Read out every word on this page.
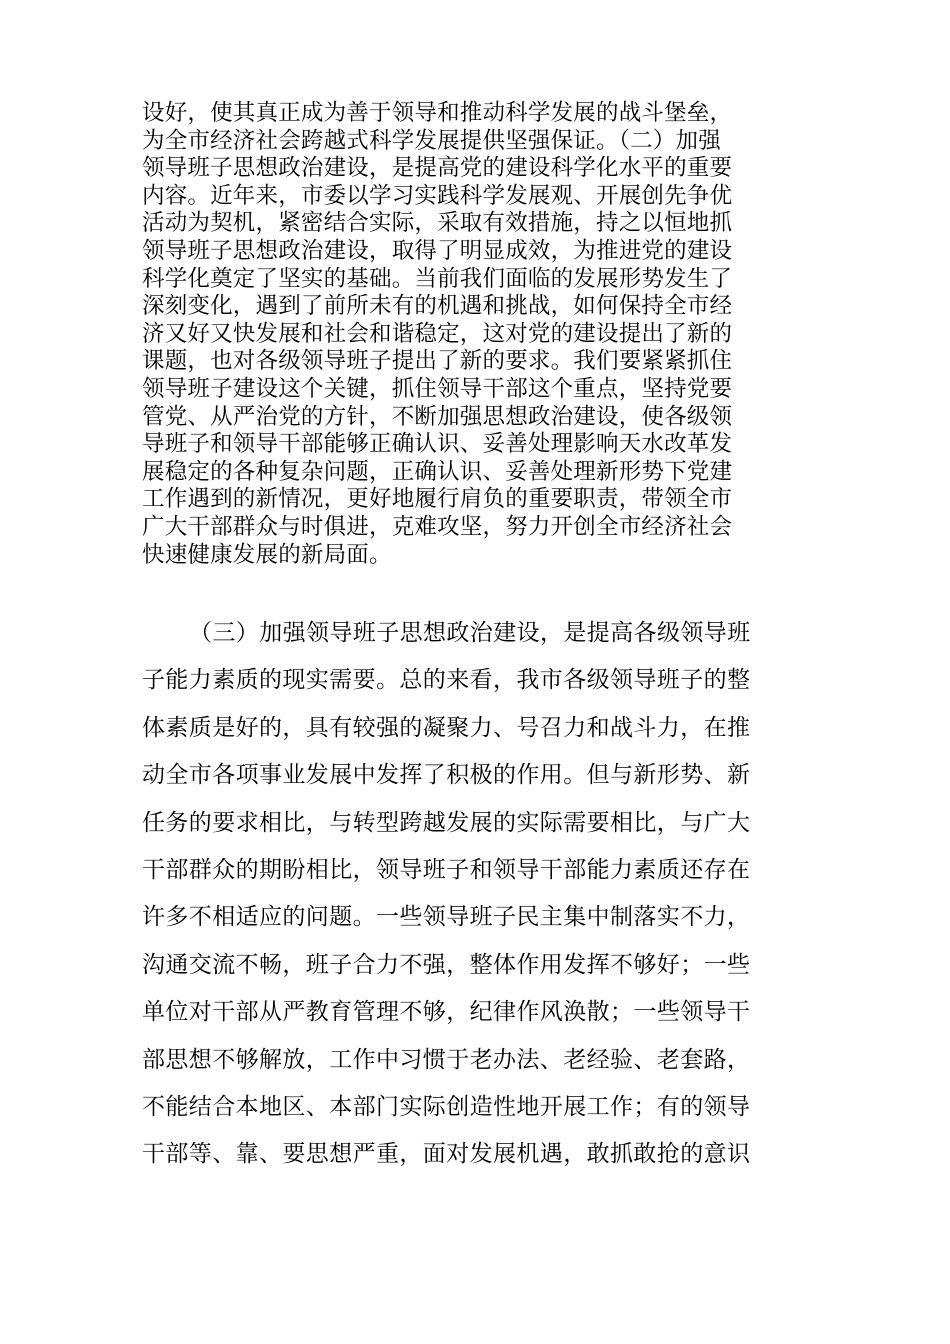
设好，使其真正成为善于领导和推动科学发展的战斗堡垒，
为全市经济社会跨越式科学发展提供坚强保证。（二）加强
领导班子思想政治建设，是提高党的建设科学化水平的重要
内容。近年来，市委以学习实践科学发展观、开展创先争优
活动为契机，紧密结合实际，采取有效措施，持之以恒地抓
领导班子思想政治建设，取得了明显成效，为推进党的建设
科学化奠定了坚实的基础。当前我们面临的发展形势发生了
深刻变化，遇到了前所未有的机遇和挑战，如何保持全市经
济又好又快发展和社会和谐稳定，这对党的建设提出了新的
课题，也对各级领导班子提出了新的要求。我们要紧紧抓住
领导班子建设这个关键，抓住领导干部这个重点，坚持党要
管党、从严治党的方针，不断加强思想政治建设，使各级领
导班子和领导干部能够正确认识、妥善处理影响天水改革发
展稳定的各种复杂问题，正确认识、妥善处理新形势下党建
工作遇到的新情况，更好地履行肩负的重要职责，带领全市
广大干部群众与时俱进，克难攻坚，努力开创全市经济社会
快速健康发展的新局面。
（三）加强领导班子思想政治建设，是提高各级领导班
子能力素质的现实需要。总的来看，我市各级领导班子的整
体素质是好的，具有较强的凝聚力、号召力和战斗力，在推
动全市各项事业发展中发挥了积极的作用。但与新形势、新
任务的要求相比，与转型跨越发展的实际需要相比，与广大
干部群众的期盼相比，领导班子和领导干部能力素质还存在
许多不相适应的问题。一些领导班子民主集中制落实不力，
沟通交流不畅，班子合力不强，整体作用发挥不够好；一些
单位对干部从严教育管理不够，纪律作风涣散；一些领导干
部思想不够解放，工作中习惯于老办法、老经验、老套路，
不能结合本地区、本部门实际创造性地开展工作；有的领导
干部等、靠、要思想严重，面对发展机遇，敢抓敢抢的意识
